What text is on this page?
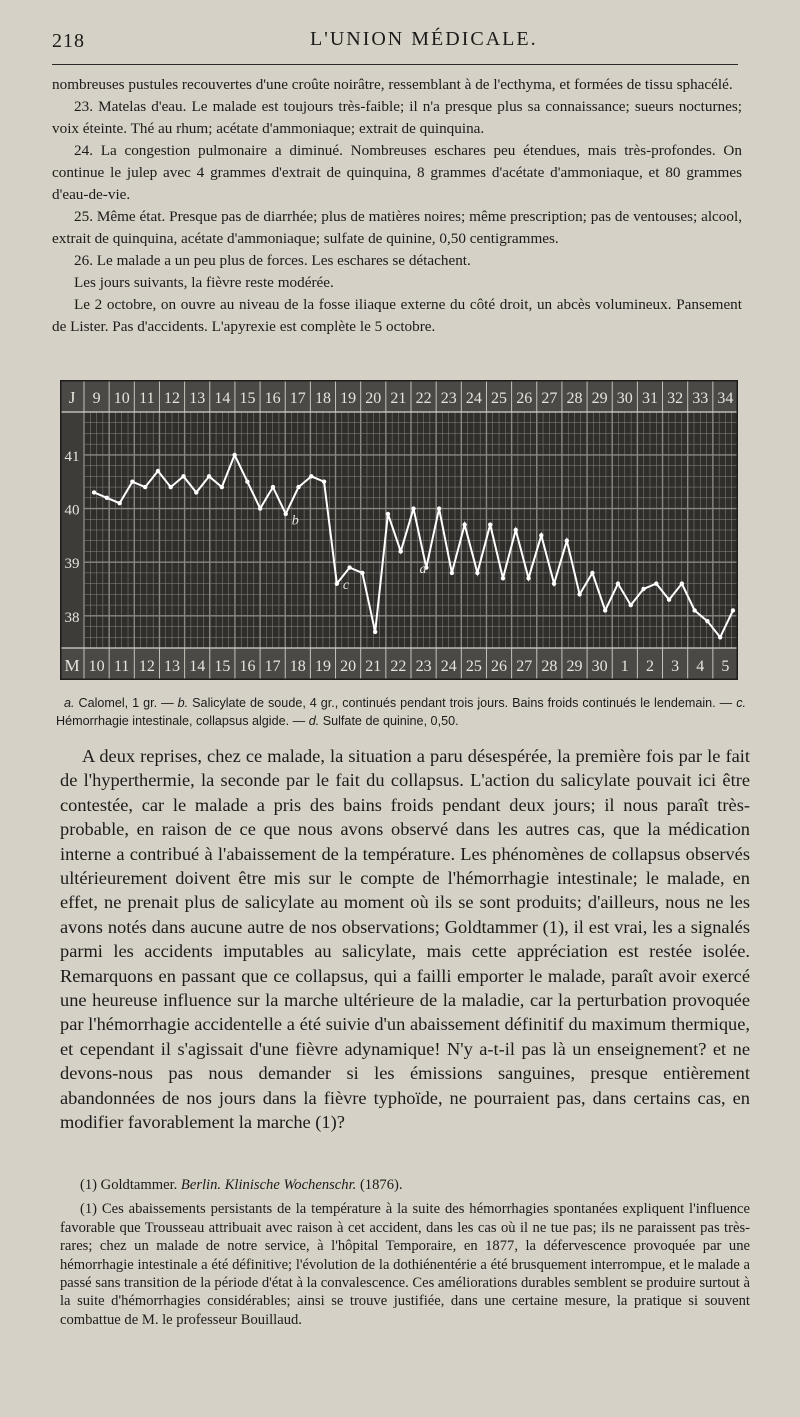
218	L'UNION MÉDICALE.

nombreuses pustules recouvertes d'une croûte noirâtre, ressemblant à de l'ecthyma, et formées de tissu sphacélé.

23. Matelas d'eau. Le malade est toujours très-faible; il n'a presque plus sa connaissance; sueurs nocturnes; voix éteinte. Thé au rhum; acétate d'ammoniaque; extrait de quinquina.

24. La congestion pulmonaire a diminué. Nombreuses eschares peu étendues, mais très-profondes. On continue le julep avec 4 grammes d'extrait de quinquina, 8 grammes d'acétate d'ammoniaque, et 80 grammes d'eau-de-vie.

25. Même état. Presque pas de diarrhée; plus de matières noires; même prescription; pas de ventouses; alcool, extrait de quinquina, acétate d'ammoniaque; sulfate de quinine, 0,50 centigrammes.

26. Le malade a un peu plus de forces. Les eschares se détachent.

Les jours suivants, la fièvre reste modérée.

Le 2 octobre, on ouvre au niveau de la fosse iliaque externe du côté droit, un abcès volumineux. Pansement de Lister. Pas d'accidents. L'apyrexie est complète le 5 octobre.

J
M
9 10 11 12 13 14 15 16 17 18 19 20 21 22 23 24 25 26 27 28 29 30 31 32 33 34
10 11 12 13 14 15 16 17 18 19 20 21 22 23 24 25 26 27 28 29 30 1 2 3 4 5
41
40
39
38
b
c
d

a. Calomel, 1 gr. — b. Salicylate de soude, 4 gr., continués pendant trois jours. Bains froids continués le lendemain. — c. Hémorrhagie intestinale, collapsus algide. — d. Sulfate de quinine, 0,50.

A deux reprises, chez ce malade, la situation a paru désespérée, la première fois par le fait de l'hyperthermie, la seconde par le fait du collapsus. L'action du salicylate pouvait ici être contestée, car le malade a pris des bains froids pendant deux jours; il nous paraît très-probable, en raison de ce que nous avons observé dans les autres cas, que la médication interne a contribué à l'abaissement de la température. Les phénomènes de collapsus observés ultérieurement doivent être mis sur le compte de l'hémorrhagie intestinale; le malade, en effet, ne prenait plus de salicylate au moment où ils se sont produits; d'ailleurs, nous ne les avons notés dans aucune autre de nos observations; Goldtammer (1), il est vrai, les a signalés parmi les accidents imputables au salicylate, mais cette appréciation est restée isolée. Remarquons en passant que ce collapsus, qui a failli emporter le malade, paraît avoir exercé une heureuse influence sur la marche ultérieure de la maladie, car la perturbation provoquée par l'hémorrhagie accidentelle a été suivie d'un abaissement définitif du maximum thermique, et cependant il s'agissait d'une fièvre adynamique! N'y a-t-il pas là un enseignement? et ne devons-nous pas nous demander si les émissions sanguines, presque entièrement abandonnées de nos jours dans la fièvre typhoïde, ne pourraient pas, dans certains cas, en modifier favorablement la marche (1)?

(1) Goldtammer. Berlin. Klinische Wochenschr. (1876).

(1) Ces abaissements persistants de la température à la suite des hémorrhagies spontanées expliquent l'influence favorable que Trousseau attribuait avec raison à cet accident, dans les cas où il ne tue pas; ils ne paraissent pas très-rares; chez un malade de notre service, à l'hôpital Temporaire, en 1877, la défervescence provoquée par une hémorrhagie intestinale a été définitive; l'évolution de la dothiénentérie a été brusquement interrompue, et le malade a passé sans transition de la période d'état à la convalescence. Ces améliorations durables semblent se produire surtout à la suite d'hémorrhagies considérables; ainsi se trouve justifiée, dans une certaine mesure, la pratique si souvent combattue de M. le professeur Bouillaud.
